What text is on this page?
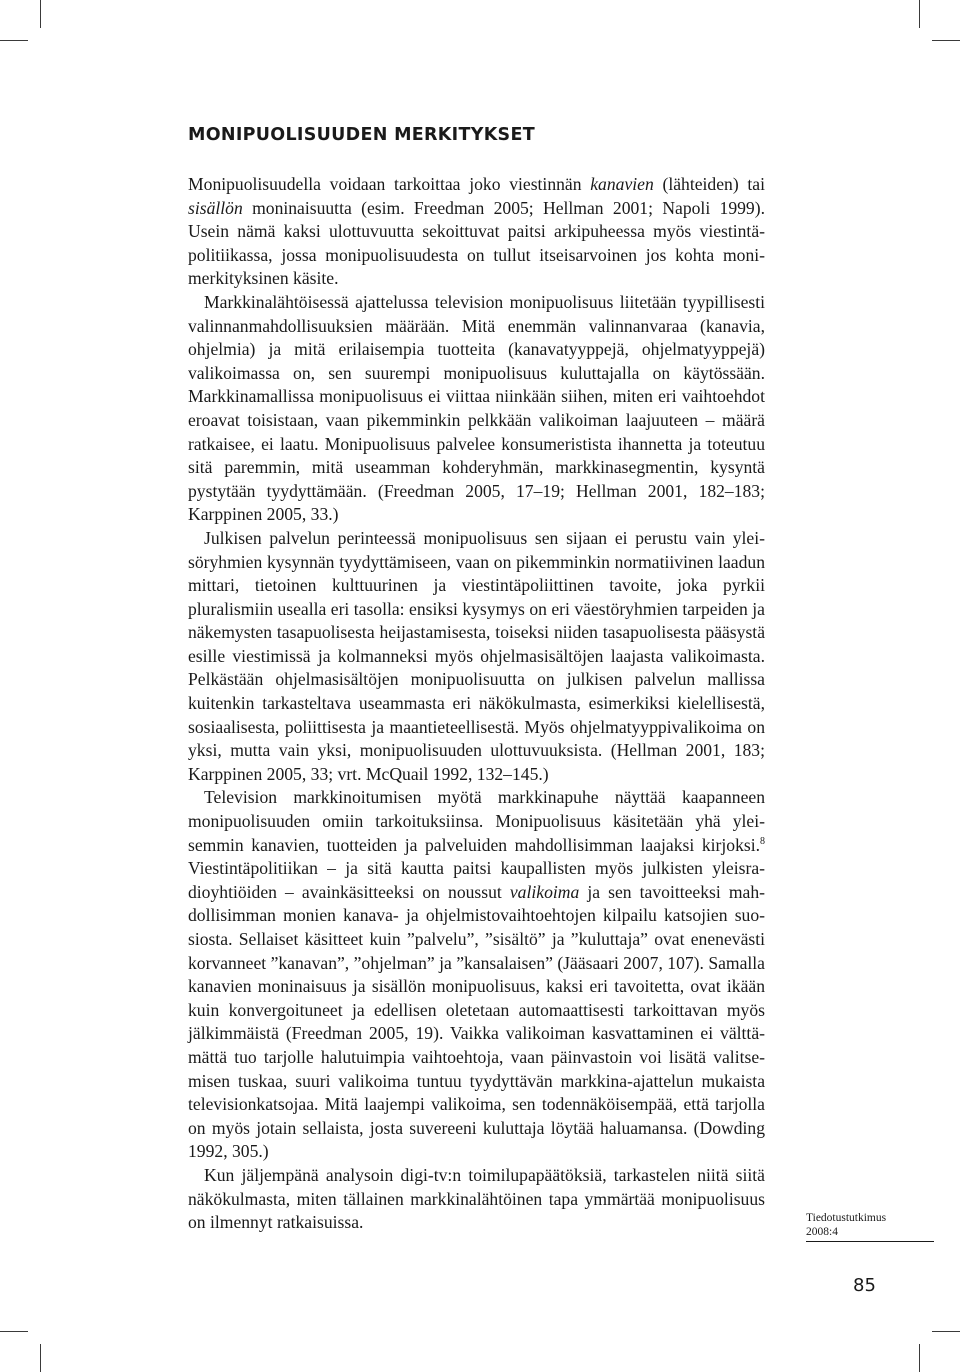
MONIPUOLISUUDEN MERKITYKSET

Monipuolisuudella voidaan tarkoittaa joko viestinnän kanavien (lähteiden) tai sisällön moninaisuutta (esim. Freedman 2005; Hellman 2001; Napoli 1999). Usein nämä kaksi ulottuvuutta sekoittuvat paitsi arkipuheessa myös viestintäpolitiikassa, jossa monipuolisuudesta on tullut itseisarvoinen jos kohta monimerkityksinen käsite.

Markkinalähtöisessä ajattelussa television monipuolisuus liitetään tyypillisesti valinnanmahdollisuuksien määrään. Mitä enemmän valinnanvaraa (kanavia, ohjelmia) ja mitä erilaisempia tuotteita (kanavatyyppejä, ohjelmatyyppejä) valikoimassa on, sen suurempi monipuolisuus kuluttajalla on käytössään. Markkinamallissa monipuolisuus ei viittaa niinkään siihen, miten eri vaihtoehdot eroavat toisistaan, vaan pikemminkin pelkkään valikoiman laajuuteen – määrä ratkaisee, ei laatu. Monipuolisuus palvelee konsumeristista ihannetta ja toteutuu sitä paremmin, mitä useamman kohderyhmän, markkinasegmentin, kysyntä pystytään tyydyttämään. (Freedman 2005, 17–19; Hellman 2001, 182–183; Karppinen 2005, 33.)

Julkisen palvelun perinteessä monipuolisuus sen sijaan ei perustu vain yleisöryhmien kysynnän tyydyttämiseen, vaan on pikemminkin normatiivinen laadun mittari, tietoinen kulttuurinen ja viestintäpoliittinen tavoite, joka pyrkii pluralismiin usealla eri tasolla: ensiksi kysymys on eri väestöryhmien tarpeiden ja näkemysten tasapuolisesta heijastamisesta, toiseksi niiden tasapuolisesta pääsystä esille viestimissä ja kolmanneksi myös ohjelmasisältöjen laajasta valikoimasta. Pelkästään ohjelmasisältöjen monipuolisuutta on julkisen palvelun mallissa kuitenkin tarkasteltava useammasta eri näkökulmasta, esimerkiksi kielellisestä, sosiaalisesta, poliittisesta ja maantieteellisestä. Myös ohjelmatyyppivalikoima on yksi, mutta vain yksi, monipuolisuuden ulottuvuuksista. (Hellman 2001, 183; Karppinen 2005, 33; vrt. McQuail 1992, 132–145.)

Television markkinoitumisen myötä markkinapuhe näyttää kaapanneen monipuolisuuden omiin tarkoituksiinsa. Monipuolisuus käsitetään yhä yleisemmin kanavien, tuotteiden ja palveluiden mahdollisimman laajaksi kirjoksi.$^8$ Viestintäpolitiikan – ja sitä kautta paitsi kaupallisten myös julkisten yleisradioyhtiöiden – avainkäsitteeksi on noussut valikoima ja sen tavoitteeksi mahdollisimman monien kanava- ja ohjelmistovaihtoehtojen kilpailu katsojien suosiosta. Sellaiset käsitteet kuin ”palvelu”, ”sisältö” ja ”kuluttaja” ovat enenevästi korvanneet ”kanavan”, ”ohjelman” ja ”kansalaisen” (Jääsaari 2007, 107). Samalla kanavien moninaisuus ja sisällön monipuolisuus, kaksi eri tavoitetta, ovat ikään kuin konvergoituneet ja edellisen oletetaan automaattisesti tarkoittavan myös jälkimmäistä (Freedman 2005, 19). Vaikka valikoiman kasvattaminen ei välttämättä tuo tarjolle halutuimpia vaihtoehtoja, vaan päinvastoin voi lisätä valitsemisen tuskaa, suuri valikoima tuntuu tyydyttävän markkina-ajattelun mukaista televisionkatsojaa. Mitä laajempi valikoima, sen todennäköisempää, että tarjolla on myös jotain sellaista, josta suvereeni kuluttaja löytää haluamansa. (Dowding 1992, 305.)

Kun jäljempänä analysoin digi-tv:n toimilupapäätöksiä, tarkastelen niitä siitä näkökulmasta, miten tällainen markkinalähtöinen tapa ymmärtää monipuolisuus on ilmennyt ratkaisuissa.	Tiedotustutkimus
2008:4
85
